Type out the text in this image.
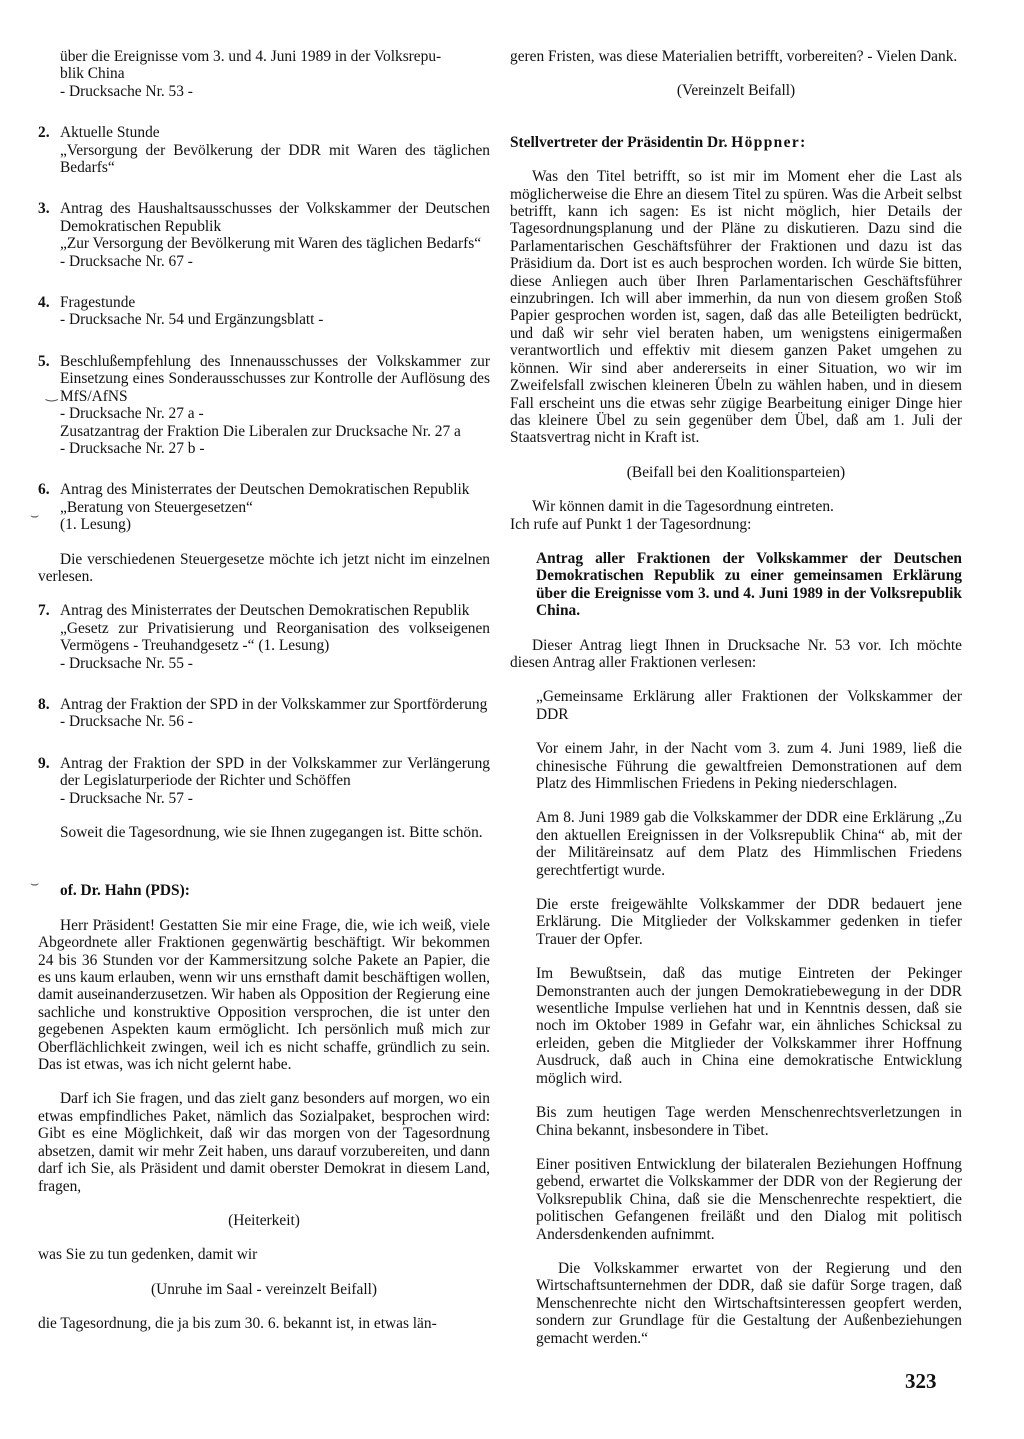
über die Ereignisse vom 3. und 4. Juni 1989 in der Volksrepu-

blik China

- Drucksache Nr. 53 -

2. Aktuelle Stunde

„Versorgung der Bevölkerung der DDR mit Waren des täglichen Bedarfs“

3. Antrag des Haushaltsausschusses der Volkskammer der Deutschen Demokratischen Republik

„Zur Versorgung der Bevölkerung mit Waren des täglichen Bedarfs“

- Drucksache Nr. 67 -

4. Fragestunde

- Drucksache Nr. 54 und Ergänzungsblatt -

5. Beschlußempfehlung des Innenausschusses der Volkskammer zur Einsetzung eines Sonderausschusses zur Kontrolle der Auflösung des MfS/AfNS

- Drucksache Nr. 27 a -

Zusatzantrag der Fraktion Die Liberalen zur Drucksache Nr. 27 a

- Drucksache Nr. 27 b -

6. Antrag des Ministerrates der Deutschen Demokratischen Republik

„Beratung von Steuergesetzen“

(1. Lesung)

Die verschiedenen Steuergesetze möchte ich jetzt nicht im einzelnen verlesen.

7. Antrag des Ministerrates der Deutschen Demokratischen Republik

„Gesetz zur Privatisierung und Reorganisation des volkseigenen Vermögens - Treuhandgesetz -“ (1. Lesung)

- Drucksache Nr. 55 -

8. Antrag der Fraktion der SPD in der Volkskammer zur Sportförderung

- Drucksache Nr. 56 -

9. Antrag der Fraktion der SPD in der Volkskammer zur Verlängerung der Legislaturperiode der Richter und Schöffen

- Drucksache Nr. 57 -

Soweit die Tagesordnung, wie sie Ihnen zugegangen ist. Bitte schön.

of. Dr. Hahn (PDS):

Herr Präsident! Gestatten Sie mir eine Frage, die, wie ich weiß, viele Abgeordnete aller Fraktionen gegenwärtig beschäftigt. Wir bekommen 24 bis 36 Stunden vor der Kammersitzung solche Pakete an Papier, die es uns kaum erlauben, wenn wir uns ernsthaft damit beschäftigen wollen, damit auseinanderzusetzen. Wir haben als Opposition der Regierung eine sachliche und konstruktive Opposition versprochen, die ist unter den gegebenen Aspekten kaum ermöglicht. Ich persönlich muß mich zur Oberflächlichkeit zwingen, weil ich es nicht schaffe, gründlich zu sein. Das ist etwas, was ich nicht gelernt habe.

Darf ich Sie fragen, und das zielt ganz besonders auf morgen, wo ein etwas empfindliches Paket, nämlich das Sozialpaket, besprochen wird: Gibt es eine Möglichkeit, daß wir das morgen von der Tagesordnung absetzen, damit wir mehr Zeit haben, uns darauf vorzubereiten, und dann darf ich Sie, als Präsident und damit oberster Demokrat in diesem Land, fragen,

(Heiterkeit)

was Sie zu tun gedenken, damit wir

(Unruhe im Saal - vereinzelt Beifall)

die Tagesordnung, die ja bis zum 30. 6. bekannt ist, in etwas län-

geren Fristen, was diese Materialien betrifft, vorbereiten? - Vielen Dank.

(Vereinzelt Beifall)

Stellvertreter der Präsidentin Dr. Höppner:

Was den Titel betrifft, so ist mir im Moment eher die Last als möglicherweise die Ehre an diesem Titel zu spüren. Was die Arbeit selbst betrifft, kann ich sagen: Es ist nicht möglich, hier Details der Tagesordnungsplanung und der Pläne zu diskutieren. Dazu sind die Parlamentarischen Geschäftsführer der Fraktionen und dazu ist das Präsidium da. Dort ist es auch besprochen worden. Ich würde Sie bitten, diese Anliegen auch über Ihren Parlamentarischen Geschäftsführer einzubringen. Ich will aber immerhin, da nun von diesem großen Stoß Papier gesprochen worden ist, sagen, daß das alle Beteiligten bedrückt, und daß wir sehr viel beraten haben, um wenigstens einigermaßen verantwortlich und effektiv mit diesem ganzen Paket umgehen zu können. Wir sind aber andererseits in einer Situation, wo wir im Zweifelsfall zwischen kleineren Übeln zu wählen haben, und in diesem Fall erscheint uns die etwas sehr zügige Bearbeitung einiger Dinge hier das kleinere Übel zu sein gegenüber dem Übel, daß am 1. Juli der Staatsvertrag nicht in Kraft ist.

(Beifall bei den Koalitionsparteien)

Wir können damit in die Tagesordnung eintreten.

Ich rufe auf Punkt 1 der Tagesordnung:

Antrag aller Fraktionen der Volkskammer der Deutschen Demokratischen Republik zu einer gemeinsamen Erklärung über die Ereignisse vom 3. und 4. Juni 1989 in der Volksrepublik China.

Dieser Antrag liegt Ihnen in Drucksache Nr. 53 vor. Ich möchte diesen Antrag aller Fraktionen verlesen:

„Gemeinsame Erklärung aller Fraktionen der Volkskammer der DDR

Vor einem Jahr, in der Nacht vom 3. zum 4. Juni 1989, ließ die chinesische Führung die gewaltfreien Demonstrationen auf dem Platz des Himmlischen Friedens in Peking niederschlagen.

Am 8. Juni 1989 gab die Volkskammer der DDR eine Erklärung „Zu den aktuellen Ereignissen in der Volksrepublik China“ ab, mit der der Militäreinsatz auf dem Platz des Himmlischen Friedens gerechtfertigt wurde.

Die erste freigewählte Volkskammer der DDR bedauert jene Erklärung. Die Mitglieder der Volkskammer gedenken in tiefer Trauer der Opfer.

Im Bewußtsein, daß das mutige Eintreten der Pekinger Demonstranten auch der jungen Demokratiebewegung in der DDR wesentliche Impulse verliehen hat und in Kenntnis dessen, daß sie noch im Oktober 1989 in Gefahr war, ein ähnliches Schicksal zu erleiden, geben die Mitglieder der Volkskammer ihrer Hoffnung Ausdruck, daß auch in China eine demokratische Entwicklung möglich wird.

Bis zum heutigen Tage werden Menschenrechtsverletzungen in China bekannt, insbesondere in Tibet.

Einer positiven Entwicklung der bilateralen Beziehungen Hoffnung gebend, erwartet die Volkskammer der DDR von der Regierung der Volksrepublik China, daß sie die Menschenrechte respektiert, die politischen Gefangenen freiläßt und den Dialog mit politisch Andersdenkenden aufnimmt.

Die Volkskammer erwartet von der Regierung und den Wirtschaftsunternehmen der DDR, daß sie dafür Sorge tragen, daß Menschenrechte nicht den Wirtschaftsinteressen geopfert werden, sondern zur Grundlage für die Gestaltung der Außenbeziehungen gemacht werden.“

‿
⌣
⌣
323
